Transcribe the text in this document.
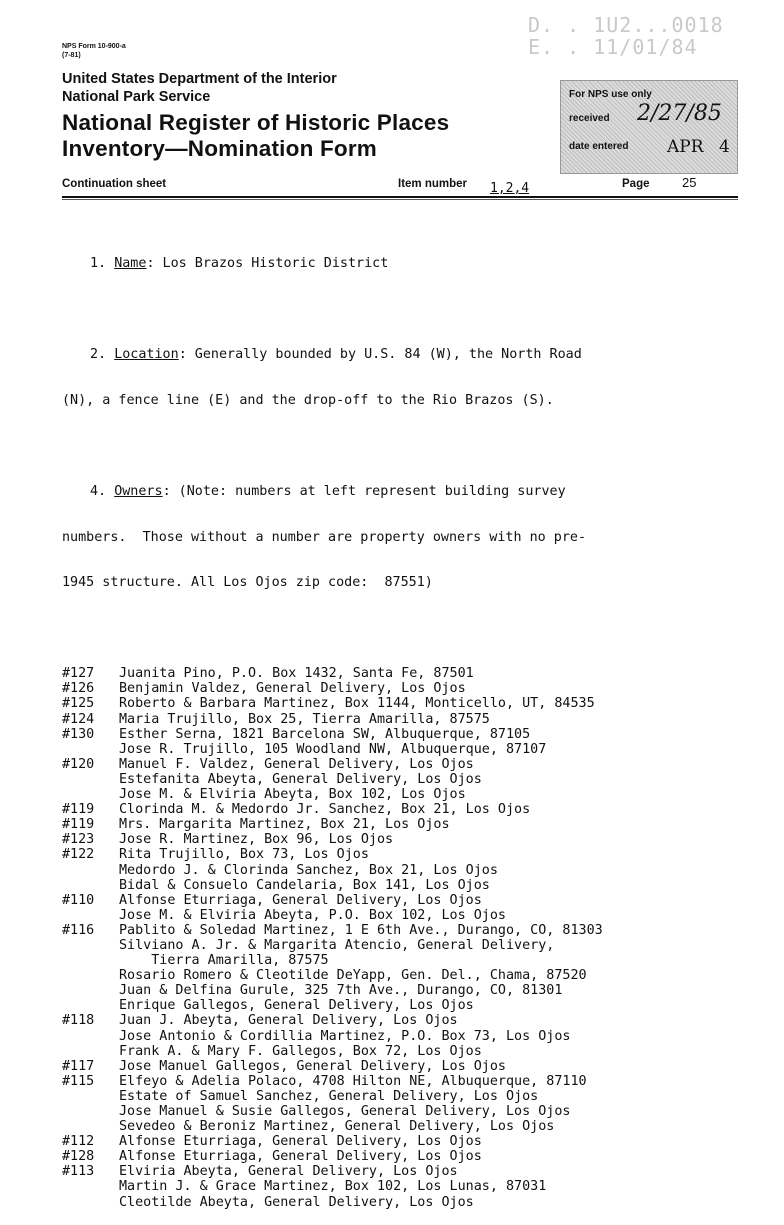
NPS Form 10-900-a
(7-81)
United States Department of the Interior
National Park Service
National Register of Historic Places
Inventory—Nomination Form
D. . 1U2...0018
E. . 11/01/84
For NPS use only
received 2/27/85
date entered APR 4
Continuation sheet	Item number 1,2,4	Page	25

1. Name: Los Brazos Historic District

2. Location: Generally bounded by U.S. 84 (W), the North Road

(N), a fence line (E) and the drop-off to the Rio Brazos (S).

4. Owners: (Note: numbers at left represent building survey

numbers.  Those without a number are property owners with no pre-

1945 structure. All Los Ojos zip code:  87551)

#127	Juanita Pino, P.O. Box 1432, Santa Fe, 87501
#126	Benjamin Valdez, General Delivery, Los Ojos
#125	Roberto & Barbara Martinez, Box 1144, Monticello, UT, 84535
#124	Maria Trujillo, Box 25, Tierra Amarilla, 87575
#130	Esther Serna, 1821 Barcelona SW, Albuquerque, 87105
Jose R. Trujillo, 105 Woodland NW, Albuquerque, 87107
#120	Manuel F. Valdez, General Delivery, Los Ojos
Estefanita Abeyta, General Delivery, Los Ojos
Jose M. & Elviria Abeyta, Box 102, Los Ojos
#119	Clorinda M. & Medordo Jr. Sanchez, Box 21, Los Ojos
#119	Mrs. Margarita Martinez, Box 21, Los Ojos
#123	Jose R. Martinez, Box 96, Los Ojos
#122	Rita Trujillo, Box 73, Los Ojos
Medordo J. & Clorinda Sanchez, Box 21, Los Ojos
Bidal & Consuelo Candelaria, Box 141, Los Ojos
#110	Alfonse Eturriaga, General Delivery, Los Ojos
Jose M. & Elviria Abeyta, P.O. Box 102, Los Ojos
#116	Pablito & Soledad Martinez, 1 E 6th Ave., Durango, CO, 81303
Silviano A. Jr. & Margarita Atencio, General Delivery,
Tierra Amarilla, 87575
Rosario Romero & Cleotilde DeYapp, Gen. Del., Chama, 87520
Juan & Delfina Gurule, 325 7th Ave., Durango, CO, 81301
Enrique Gallegos, General Delivery, Los Ojos
#118	Juan J. Abeyta, General Delivery, Los Ojos
Jose Antonio & Cordillia Martinez, P.O. Box 73, Los Ojos
Frank A. & Mary F. Gallegos, Box 72, Los Ojos
#117	Jose Manuel Gallegos, General Delivery, Los Ojos
#115	Elfeyo & Adelia Polaco, 4708 Hilton NE, Albuquerque, 87110
Estate of Samuel Sanchez, General Delivery, Los Ojos
Jose Manuel & Susie Gallegos, General Delivery, Los Ojos
Sevedeo & Beroniz Martinez, General Delivery, Los Ojos
#112	Alfonse Eturriaga, General Delivery, Los Ojos
#128	Alfonse Eturriaga, General Delivery, Los Ojos
#113	Elviria Abeyta, General Delivery, Los Ojos
Martin J. & Grace Martinez, Box 102, Los Lunas, 87031
Cleotilde Abeyta, General Delivery, Los Ojos
